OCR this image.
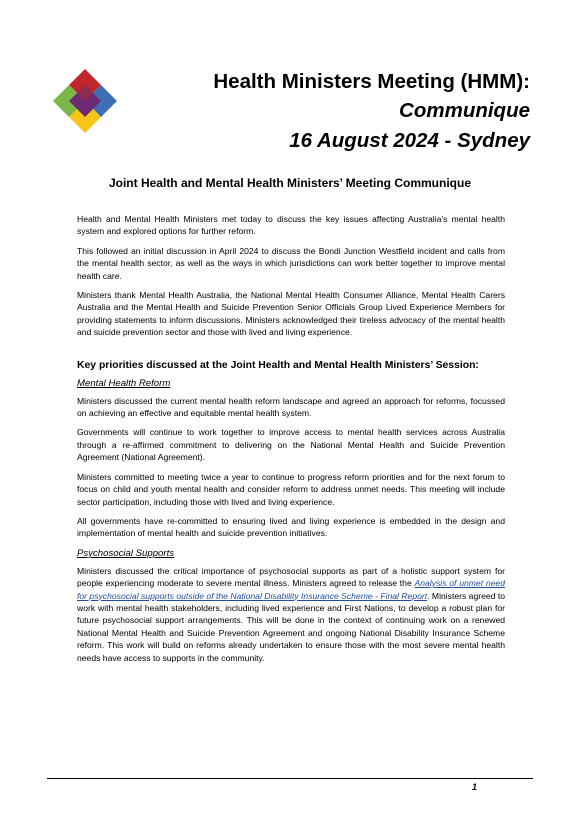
Health Ministers Meeting (HMM):
Communique
16 August 2024 - Sydney
Joint Health and Mental Health Ministers’ Meeting Communique

Health and Mental Health Ministers met today to discuss the key issues affecting Australia’s mental health system and explored options for further reform.

This followed an initial discussion in April 2024 to discuss the Bondi Junction Westfield incident and calls from the mental health sector, as well as the ways in which jurisdictions can work better together to improve mental health care.

Ministers thank Mental Health Australia, the National Mental Health Consumer Alliance, Mental Health Carers Australia and the Mental Health and Suicide Prevention Senior Officials Group Lived Experience Members for providing statements to inform discussions. Ministers acknowledged their tireless advocacy of the mental health and suicide prevention sector and those with lived and living experience.

Key priorities discussed at the Joint Health and Mental Health Ministers’ Session:
Mental Health Reform

Ministers discussed the current mental health reform landscape and agreed an approach for reforms, focussed on achieving an effective and equitable mental health system.

Governments will continue to work together to improve access to mental health services across Australia through a re-affirmed commitment to delivering on the National Mental Health and Suicide Prevention Agreement (National Agreement).

Ministers committed to meeting twice a year to continue to progress reform priorities and for the next forum to focus on child and youth mental health and consider reform to address unmet needs. This meeting will include sector participation, including those with lived and living experience.

All governments have re-committed to ensuring lived and living experience is embedded in the design and implementation of mental health and suicide prevention initiatives.

Psychosocial Supports

Ministers discussed the critical importance of psychosocial supports as part of a holistic support system for people experiencing moderate to severe mental illness. Ministers agreed to release the Analysis of unmet need for psychosocial supports outside of the National Disability Insurance Scheme - Final Report. Ministers agreed to work with mental health stakeholders, including lived experience and First Nations, to develop a robust plan for future psychosocial support arrangements. This will be done in the context of continuing work on a renewed National Mental Health and Suicide Prevention Agreement and ongoing National Disability Insurance Scheme reform. This work will build on reforms already undertaken to ensure those with the most severe mental health needs have access to supports in the community.

1
